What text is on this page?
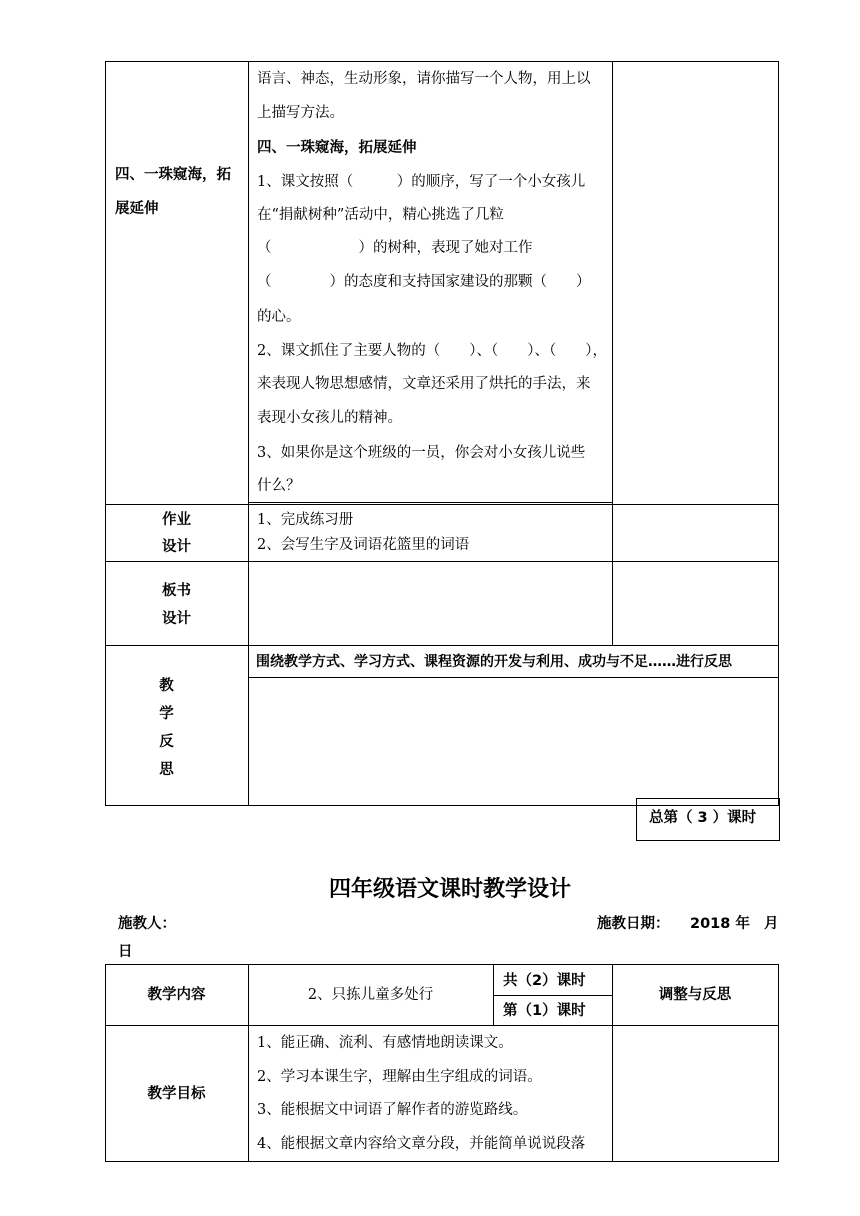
四、一珠窥海，拓
展延伸
语言、神态，生动形象，请你描写一个人物，用上以
上描写方法。
四、一珠窥海，拓展延伸
1、课文按照（　　　）的顺序，写了一个小女孩儿
在“捐献树种”活动中，精心挑选了几粒
（　　　　　　）的树种，表现了她对工作
（　　　　）的态度和支持国家建设的那颗（　　）
的心。
2、课文抓住了主要人物的（　　）、（　　）、（　　），
来表现人物思想感情，文章还采用了烘托的手法，来
表现小女孩儿的精神。
3、如果你是这个班级的一员，你会对小女孩儿说些
什么？
作业
设计
1、完成练习册
2、会写生字及词语花篮里的词语
板书
设计
教
学
反
思
围绕教学方式、学习方式、课程资源的开发与利用、成功与不足……进行反思
总第（ 3 ）课时
四年级语文课时教学设计
施教人：	施教日期： 2018 年 月
日
教学内容	2、只拣儿童多处行
共（2）课时
第（1）课时
调整与反思
教学目标
1、能正确、流利、有感情地朗读课文。
2、学习本课生字，理解由生字组成的词语。
3、能根据文中词语了解作者的游览路线。
4、能根据文章内容给文章分段，并能简单说说段落
